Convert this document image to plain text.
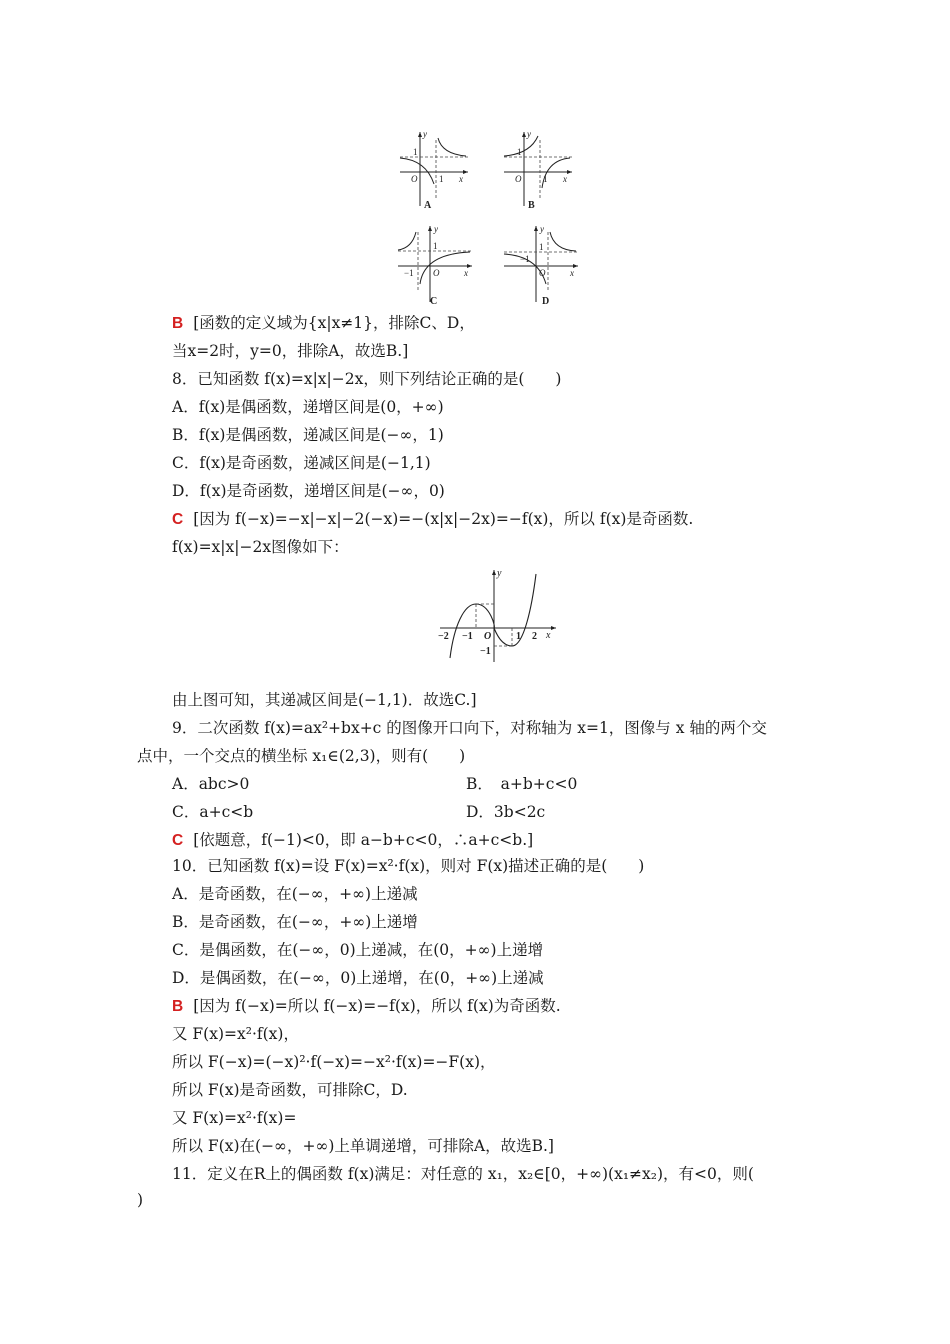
y
x
O 1
1
A
y
x
O 1
1
B
y
x
O
−1
1
C
y
x
O
−1
1
D
B [函数的定义域为{x|x≠1}，排除C、D，
当x=2时，y=0，排除A，故选B.]
8．已知函数 f(x)=x|x|−2x，则下列结论正确的是(　　)
A．f(x)是偶函数，递增区间是(0，+∞)
B．f(x)是偶函数，递减区间是(−∞，1)
C．f(x)是奇函数，递减区间是(−1,1)
D．f(x)是奇函数，递增区间是(−∞，0)
C [因为 f(−x)=−x|−x|−2(−x)=−(x|x|−2x)=−f(x)，所以 f(x)是奇函数.
f(x)=x|x|−2x图像如下：
y
x
−2 −1 O 1 2
−1
由上图可知，其递减区间是(−1,1)．故选C.]
9．二次函数 f(x)=ax²+bx+c 的图像开口向下，对称轴为 x=1，图像与 x 轴的两个交
点中，一个交点的横坐标 x₁∈(2,3)，则有(　　)
A．abc>0	B．　a+b+c<0
C．a+c<b	D．3b<2c
C [依题意，f(−1)<0，即 a−b+c<0，∴a+c<b.]
10．已知函数 f(x)=设 F(x)=x²·f(x)，则对 F(x)描述正确的是(　　)
A．是奇函数，在(−∞，+∞)上递减
B．是奇函数，在(−∞，+∞)上递增
C．是偶函数，在(−∞，0)上递减，在(0，+∞)上递增
D．是偶函数，在(−∞，0)上递增，在(0，+∞)上递减
B [因为 f(−x)=所以 f(−x)=−f(x)，所以 f(x)为奇函数.
又 F(x)=x²·f(x)，
所以 F(−x)=(−x)²·f(−x)=−x²·f(x)=−F(x)，
所以 F(x)是奇函数，可排除C，D.
又 F(x)=x²·f(x)=
所以 F(x)在(−∞，+∞)上单调递增，可排除A，故选B.]
11．定义在R上的偶函数 f(x)满足：对任意的 x₁，x₂∈[0，+∞)(x₁≠x₂)，有<0，则(
)
